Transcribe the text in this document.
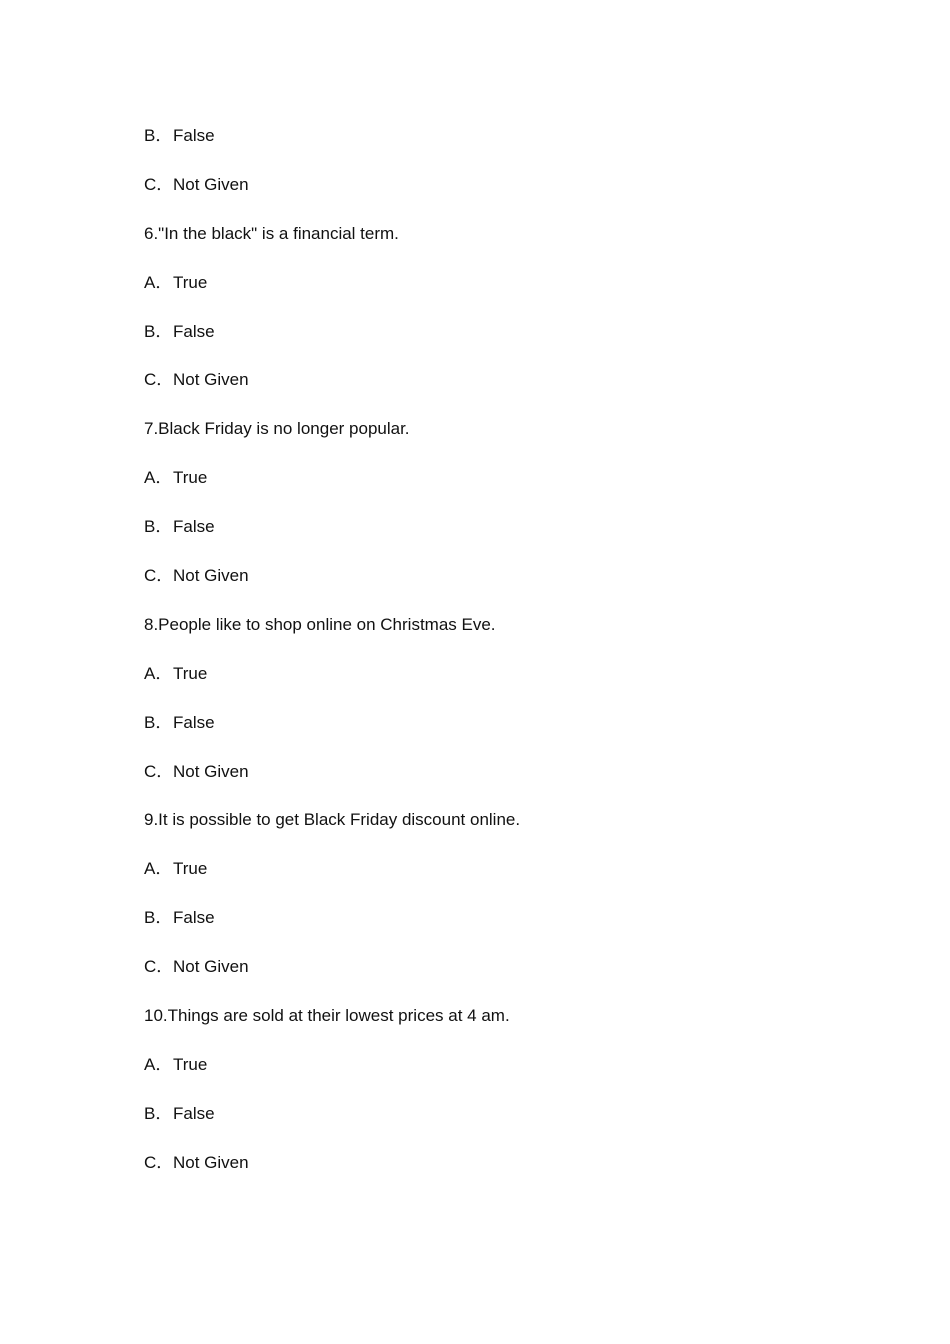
B．False
C．Not Given
6."In the black" is a financial term.
A．True
B．False
C．Not Given
7.Black Friday is no longer popular.
A．True
B．False
C．Not Given
8.People like to shop online on Christmas Eve.
A．True
B．False
C．Not Given
9.It is possible to get Black Friday discount online.
A．True
B．False
C．Not Given
10.Things are sold at their lowest prices at 4 am.
A．True
B．False
C．Not Given
